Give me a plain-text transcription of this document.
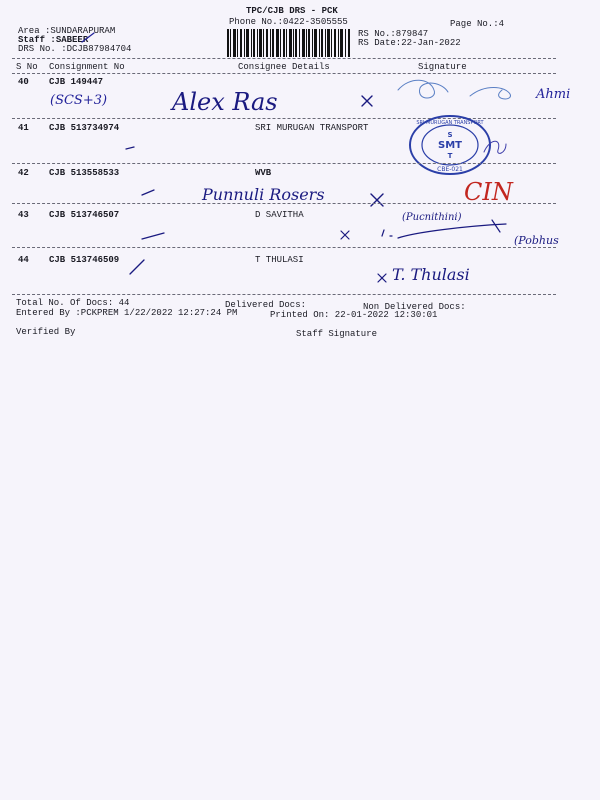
TPC/CJB DRS - PCK
Phone No.:0422-3505555
Area :SUNDARAPURAM
Staff :SABEER
DRS No. :DCJB87984704
Page No.:4
RS No.:879847
RS Date:22-Jan-2022
S No Consignment No	Consignee Details	Signature
40 CJB 149447
(SCS+3)	Alex Ras	Ahmi
41 CJB 513734974	SRI MURUGAN TRANSPORT	SRI MURUGAN TRANSPORT
S
SMT
T
CBE-021
42 CJB 513558533	WVB
Punnuli Rosers	CIN
43 CJB 513746507	D SAVITHA	(Pucnithini)
(Pobhus
44 CJB 513746509	T THULASI
T. Thulasi
Total No. Of Docs: 44	Delivered Docs:	Non Delivered Docs:
Entered By :PCKPREM 1/22/2022 12:27:24 PM	Printed On: 22-01-2022 12:30:01
Verified By	Staff Signature
